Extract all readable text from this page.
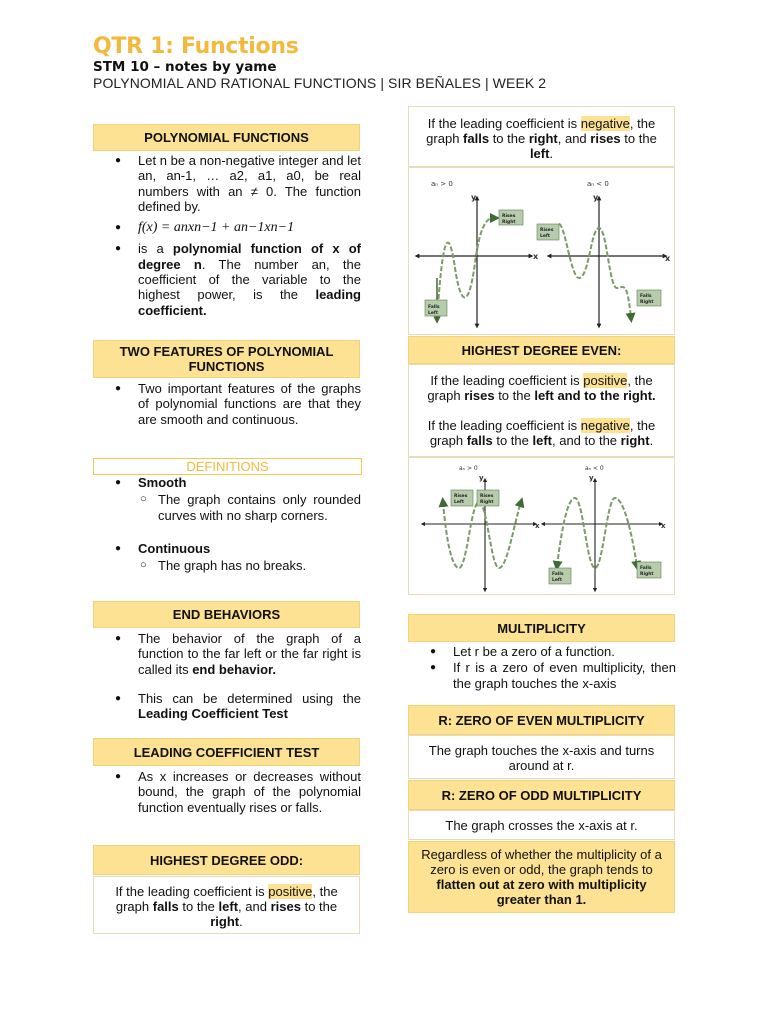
QTR 1: Functions
STM 10 – notes by yame
POLYNOMIAL AND RATIONAL FUNCTIONS | SIR BEÑALES | WEEK 2
POLYNOMIAL FUNCTIONS
● Let n be a non-negative integer and let an, an-1, … a2, a1, a0, be real numbers with an ≠ 0. The function defined by.
● f(x) = anxn−1 + an−1xn−1
● is a polynomial function of x of degree n. The number an, the coefficient of the variable to the highest power, is the leading coefficient.
TWO FEATURES OF POLYNOMIAL FUNCTIONS
● Two important features of the graphs of polynomial functions are that they are smooth and continuous.
DEFINITIONS
● Smooth
○ The graph contains only rounded curves with no sharp corners.
● Continuous
○ The graph has no breaks.
END BEHAVIORS
● The behavior of the graph of a function to the far left or the far right is called its end behavior.
● This can be determined using the Leading Coefficient Test
LEADING COEFFICIENT TEST
● As x increases or decreases without bound, the graph of the polynomial function eventually rises or falls.
HIGHEST DEGREE ODD:
If the leading coefficient is positive, the graph falls to the left, and rises to the right.
If the leading coefficient is negative, the graph falls to the right, and rises to the left.
aₙ > 0
y
x
Rises
Right
Falls
Left
aₙ < 0
y
x
Rises
Left
Falls
Right
HIGHEST DEGREE EVEN:
If the leading coefficient is positive, the graph rises to the left and to the right.
If the leading coefficient is negative, the graph falls to the left, and to the right.
aₙ > 0
y
x
Rises
Left
Rises
Right
aₙ < 0
y
x
Falls
Left
Falls
Right
MULTIPLICITY
● Let r be a zero of a function.
● If r is a zero of even multiplicity, then the graph touches the x-axis
R: ZERO OF EVEN MULTIPLICITY
The graph touches the x-axis and turns around at r.
R: ZERO OF ODD MULTIPLICITY
The graph crosses the x-axis at r.
Regardless of whether the multiplicity of a zero is even or odd, the graph tends to flatten out at zero with multiplicity greater than 1.
